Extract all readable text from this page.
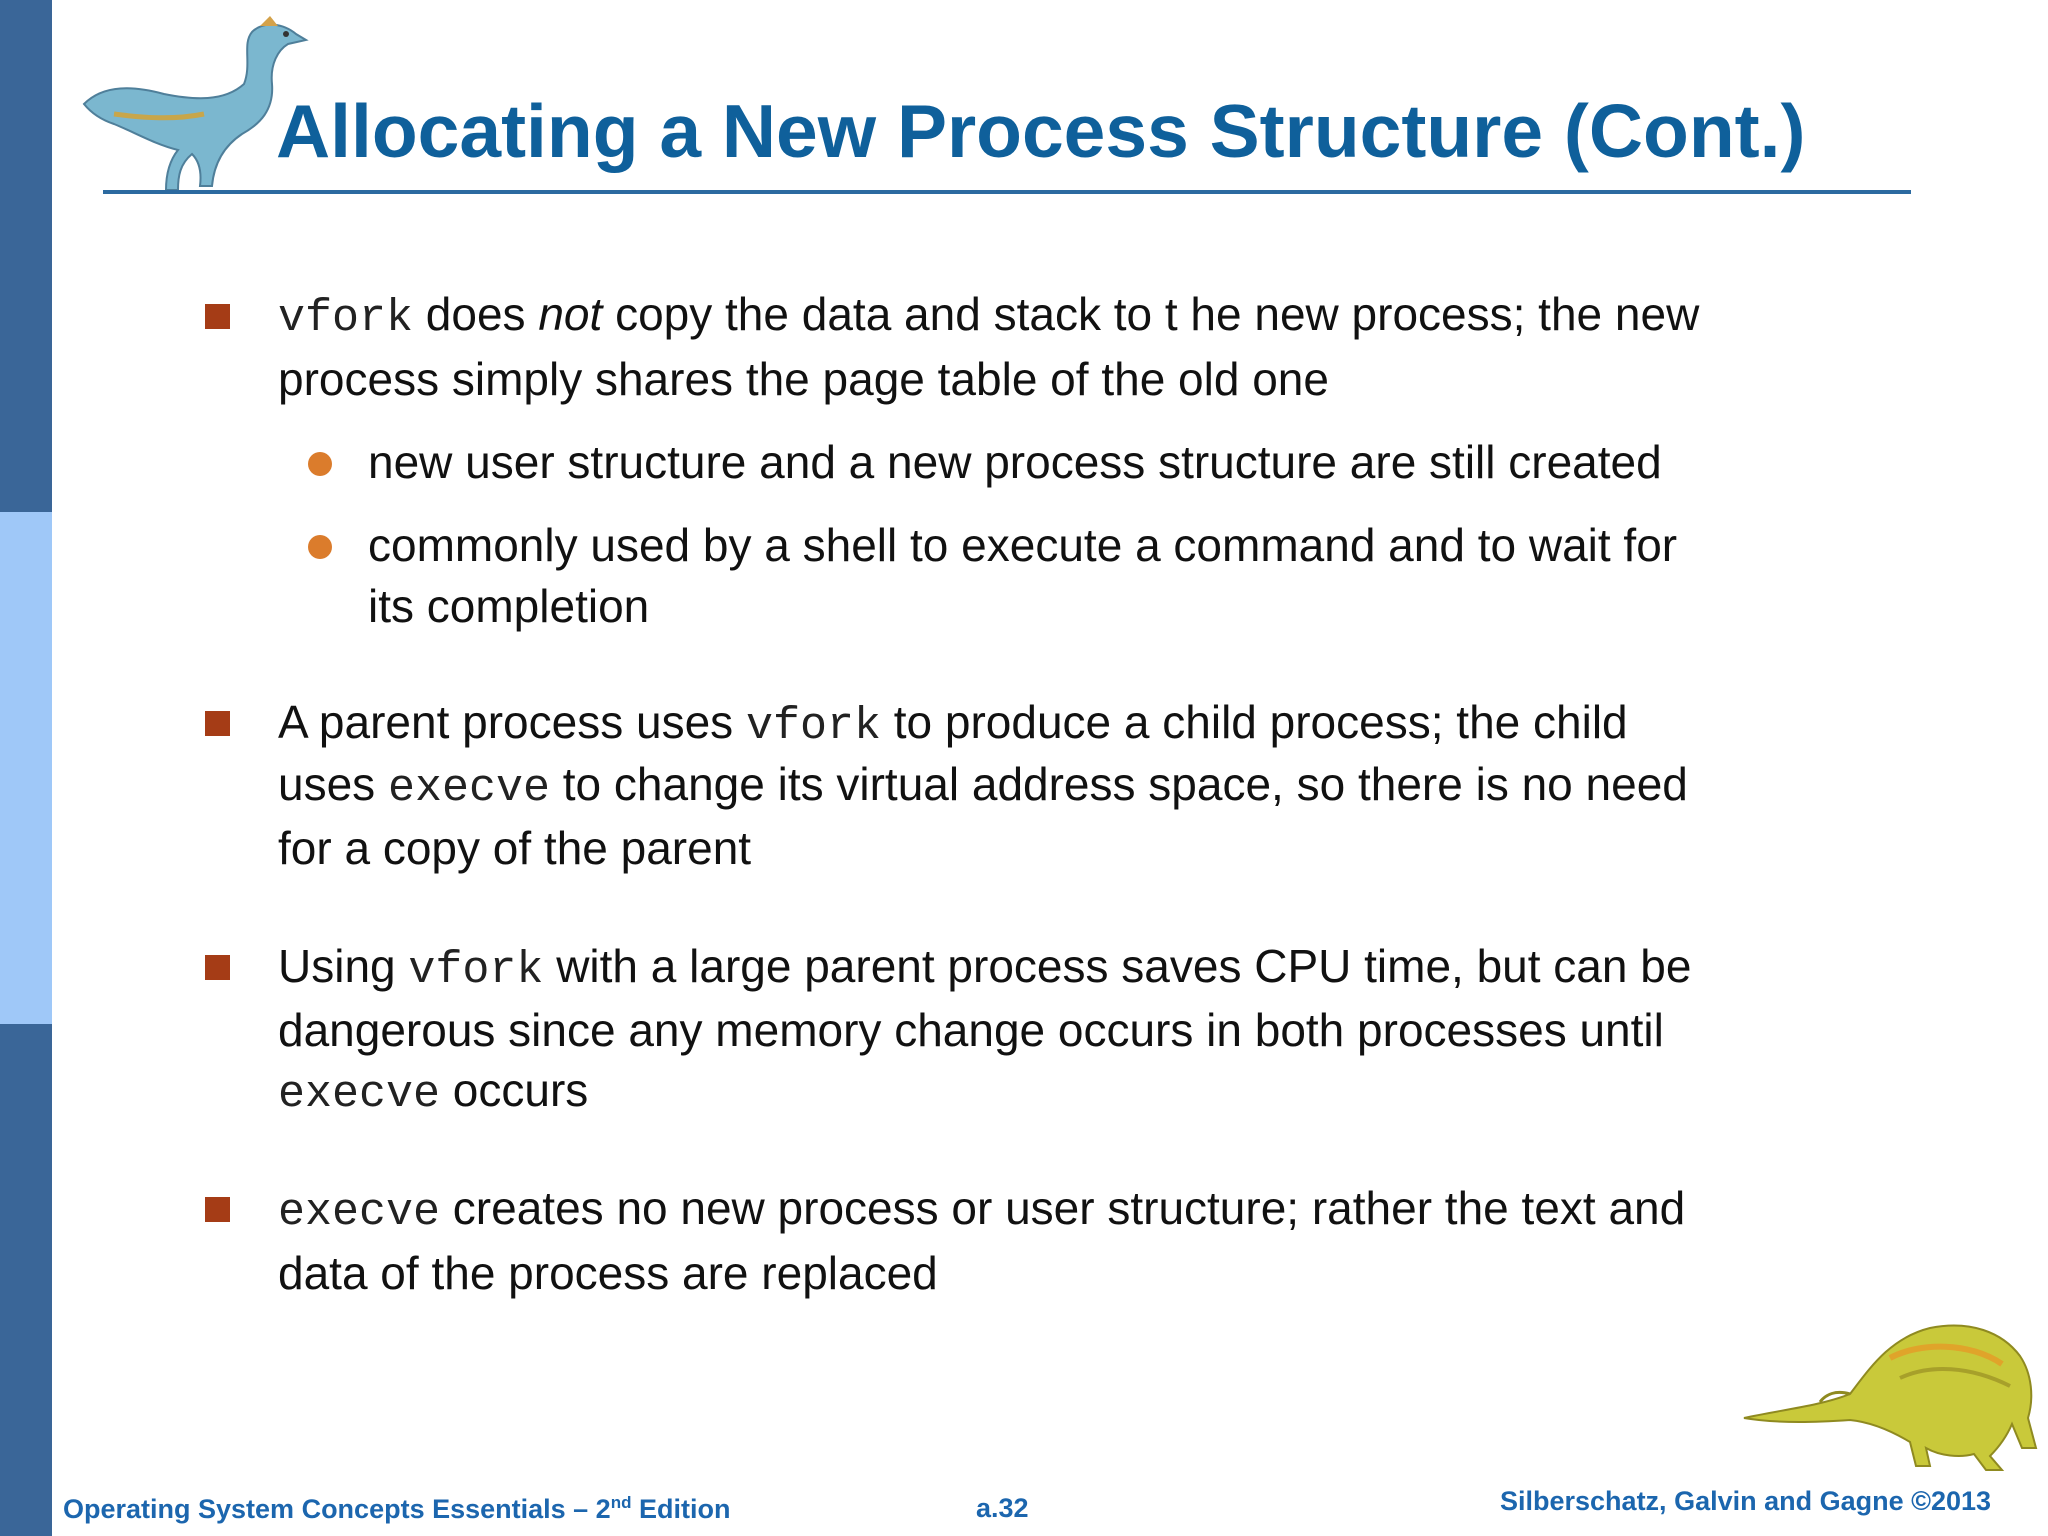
Allocating a New Process Structure (Cont.)
vfork does not copy the data and stack to t he new process; the new
process simply shares the page table of the old one
new user structure and a new process structure are still created
commonly used by a shell to execute a command and to wait for
its completion
A parent process uses vfork to produce a child process; the child
uses execve to change its virtual address space, so there is no need
for a copy of the parent
Using vfork with a large parent process saves CPU time, but can be
dangerous since any memory change occurs in both processes until
execve occurs
execve creates no new process or user structure; rather the text and
data of the process are replaced
Operating System Concepts Essentials – 2nd Edition	a.32	Silberschatz, Galvin and Gagne ©2013
